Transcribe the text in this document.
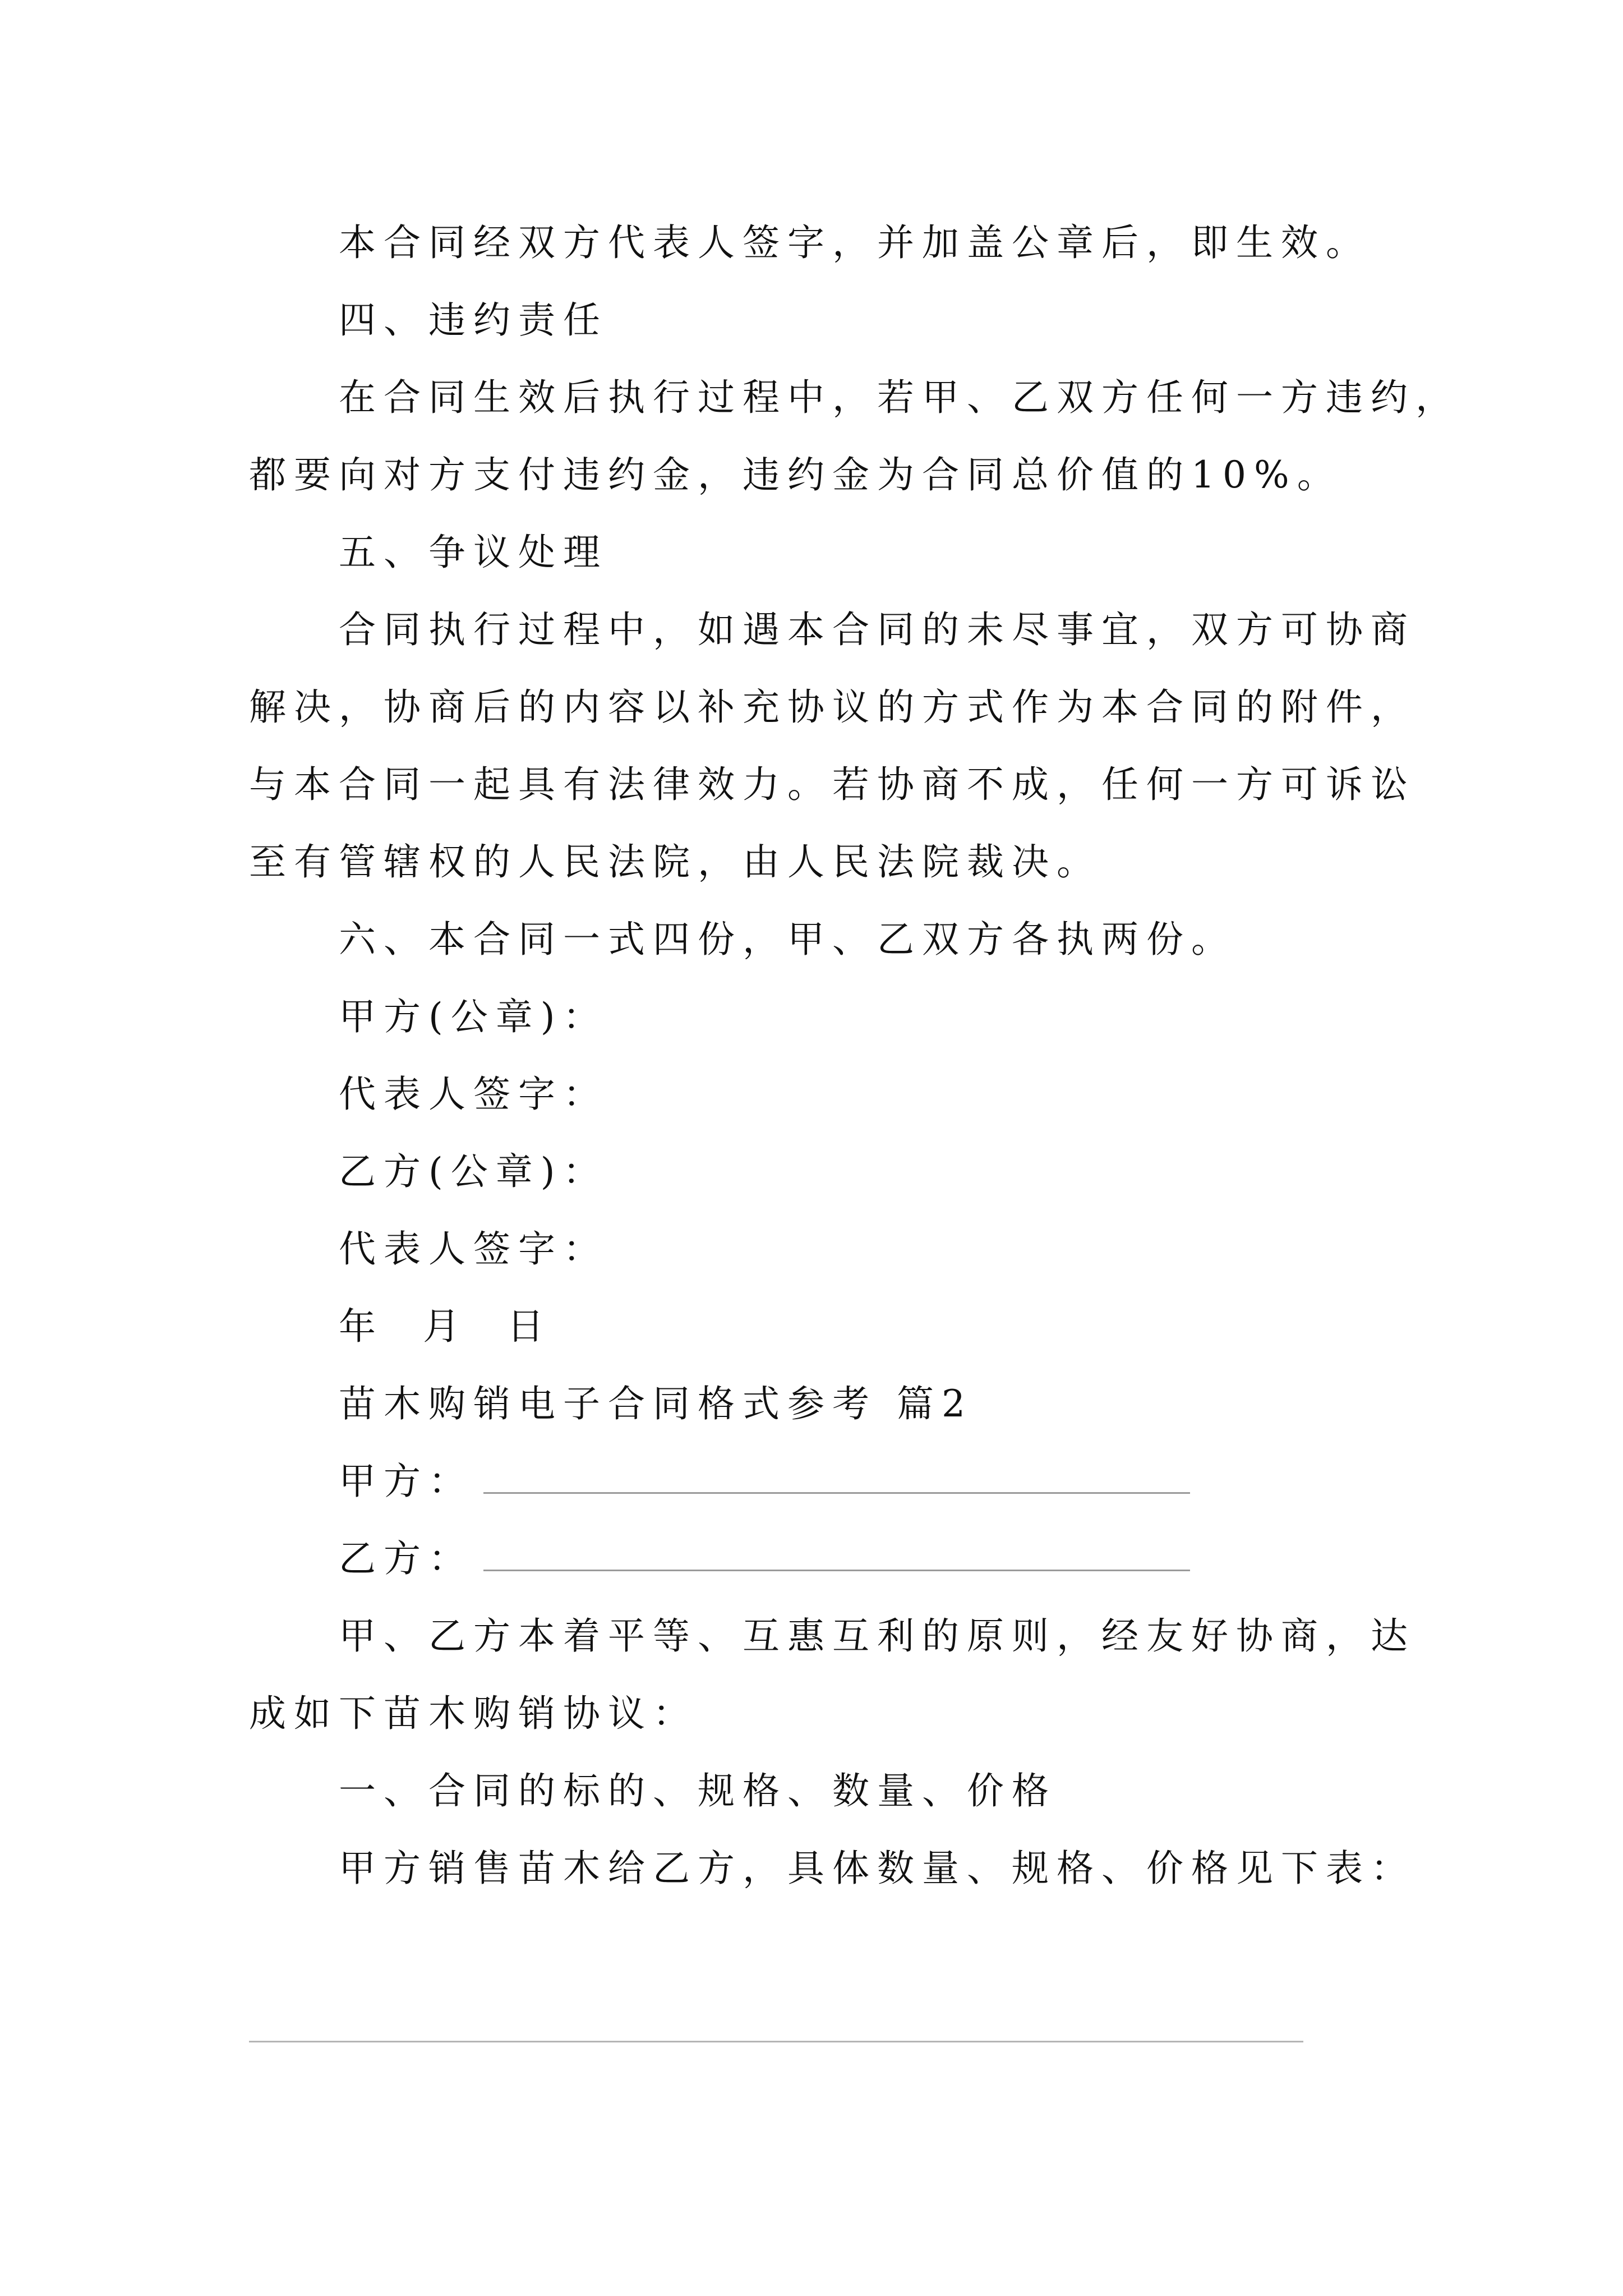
本合同经双方代表人签字，并加盖公章后，即生效。
四、违约责任
在合同生效后执行过程中，若甲、乙双方任何一方违约，
都要向对方支付违约金，违约金为合同总价值的10%。
五、争议处理
合同执行过程中，如遇本合同的未尽事宜，双方可协商
解决，协商后的内容以补充协议的方式作为本合同的附件，
与本合同一起具有法律效力。若协商不成，任何一方可诉讼
至有管辖权的人民法院，由人民法院裁决。
六、本合同一式四份，甲、乙双方各执两份。
甲方(公章)：
代表人签字：
乙方(公章)：
代表人签字：
年  月  日
苗木购销电子合同格式参考 篇2
甲方：
乙方：
甲、乙方本着平等、互惠互利的原则，经友好协商，达
成如下苗木购销协议：
一、合同的标的、规格、数量、价格
甲方销售苗木给乙方，具体数量、规格、价格见下表：
